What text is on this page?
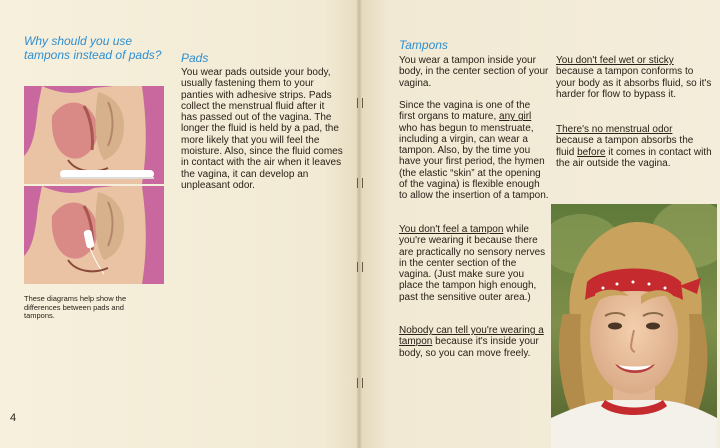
Why should you use tampons instead of pads?	Pads
You wear pads outside your body, usually fastening them to your panties with adhesive strips. Pads collect the menstrual fluid after it has passed out of the vagina. The longer the fluid is held by a pad, the more likely that you will feel the moisture. Also, since the fluid comes in contact with the air when it leaves the vagina, it can develop an unpleasant odor.
These diagrams help show the differences between pads and tampons.
4
Tampons
You wear a tampon inside your body, in the center section of your vagina.
Since the vagina is one of the first organs to mature, any girl who has begun to menstruate, including a virgin, can wear a tampon. Also, by the time you have your first period, the hymen (the elastic “skin” at the opening of the vagina) is flexible enough to allow the insertion of a tampon.
You don't feel a tampon while you're wearing it because there are practically no sensory nerves in the center section of the vagina. (Just make sure you place the tampon high enough, past the sensitive outer area.)
Nobody can tell you're wearing a tampon because it's inside your body, so you can move freely.
You don't feel wet or sticky because a tampon conforms to your body as it absorbs fluid, so it's harder for flow to bypass it.
There's no menstrual odor because a tampon absorbs the fluid before it comes in contact with the air outside the vagina.
